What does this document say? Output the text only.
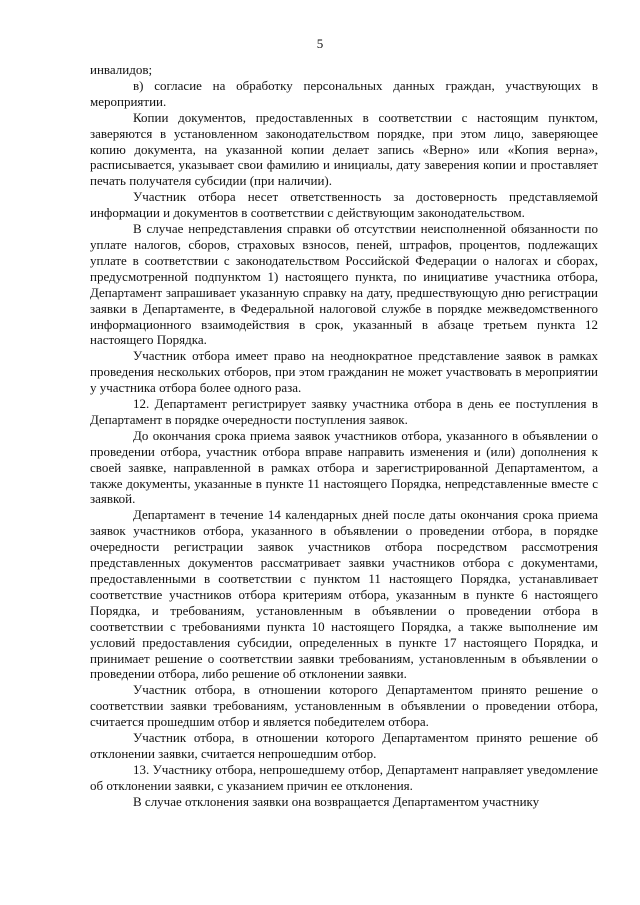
5

инвалидов;

в) согласие на обработку персональных данных граждан, участвующих в мероприятии.

Копии документов, предоставленных в соответствии с настоящим пунктом, заверяются в установленном законодательством порядке, при этом лицо, заверяющее копию документа, на указанной копии делает запись «Верно» или «Копия верна», расписывается, указывает свои фамилию и инициалы, дату заверения копии и проставляет печать получателя субсидии (при наличии).

Участник отбора несет ответственность за достоверность представляемой информации и документов в соответствии с действующим законодательством.

В случае непредставления справки об отсутствии неисполненной обязанности по уплате налогов, сборов, страховых взносов, пеней, штрафов, процентов, подлежащих уплате в соответствии с законодательством Российской Федерации о налогах и сборах, предусмотренной подпунктом 1) настоящего пункта, по инициативе участника отбора, Департамент запрашивает указанную справку на дату, предшествующую дню регистрации заявки в Департаменте, в Федеральной налоговой службе в порядке межведомственного информационного взаимодействия в срок, указанный в абзаце третьем пункта 12 настоящего Порядка.

Участник отбора имеет право на неоднократное представление заявок в рамках проведения нескольких отборов, при этом гражданин не может участвовать в мероприятии у участника отбора более одного раза.

12. Департамент регистрирует заявку участника отбора в день ее поступления в Департамент в порядке очередности поступления заявок.

До окончания срока приема заявок участников отбора, указанного в объявлении о проведении отбора, участник отбора вправе направить изменения и (или) дополнения к своей заявке, направленной в рамках отбора и зарегистрированной Департаментом, а также документы, указанные в пункте 11 настоящего Порядка, непредставленные вместе с заявкой.

Департамент в течение 14 календарных дней после даты окончания срока приема заявок участников отбора, указанного в объявлении о проведении отбора, в порядке очередности регистрации заявок участников отбора посредством рассмотрения представленных документов рассматривает заявки участников отбора с документами, предоставленными в соответствии с пунктом 11 настоящего Порядка, устанавливает соответствие участников отбора критериям отбора, указанным в пункте 6 настоящего Порядка, и требованиям, установленным в объявлении о проведении отбора в соответствии с требованиями пункта 10 настоящего Порядка, а также выполнение им условий предоставления субсидии, определенных в пункте 17 настоящего Порядка, и принимает решение о соответствии заявки требованиям, установленным в объявлении о проведении отбора, либо решение об отклонении заявки.

Участник отбора, в отношении которого Департаментом принято решение о соответствии заявки требованиям, установленным в объявлении о проведении отбора, считается прошедшим отбор и является победителем отбора.

Участник отбора, в отношении которого Департаментом принято решение об отклонении заявки, считается непрошедшим отбор.

13. Участнику отбора, непрошедшему отбор, Департамент направляет уведомление об отклонении заявки, с указанием причин ее отклонения.

В случае отклонения заявки она возвращается Департаментом участнику
